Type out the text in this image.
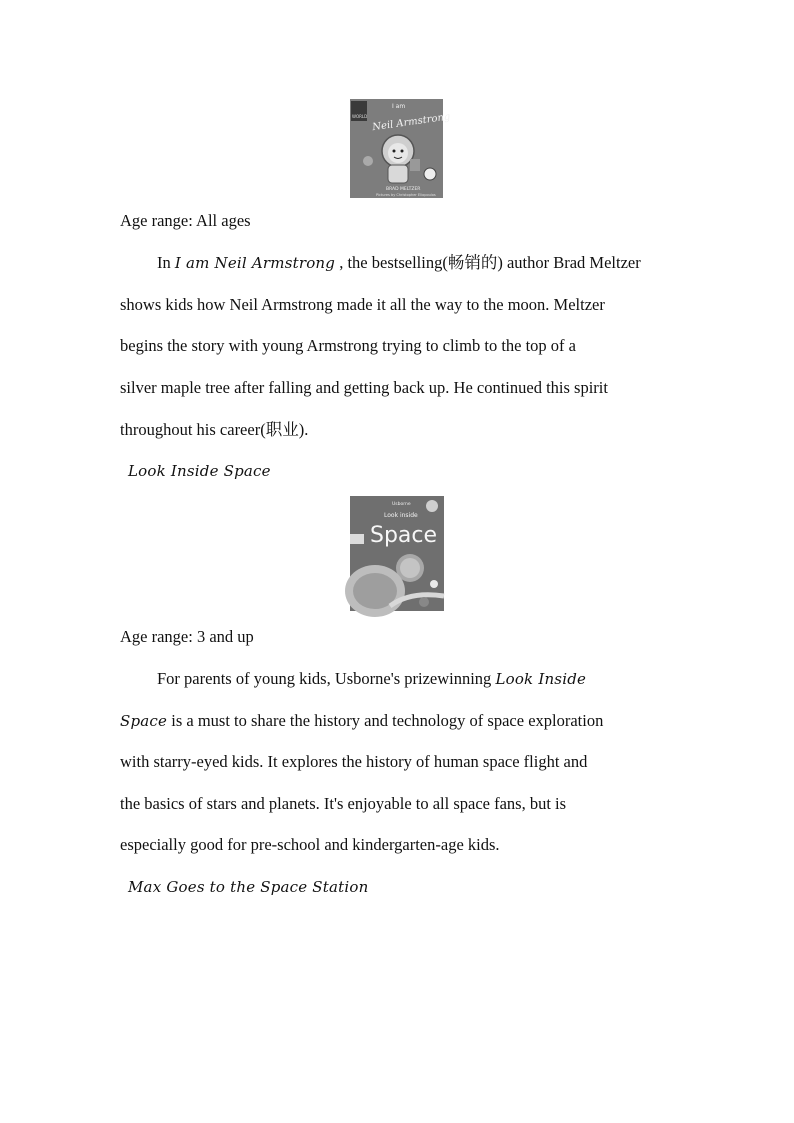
WORLD
I am
Neil Armstrong
BRAD MELTZER
Pictures by Christopher Eliopoulos
Age range: All ages
In I am Neil Armstrong , the bestselling(畅销的) author Brad Meltzer
shows kids how Neil Armstrong made it all the way to the moon. Meltzer
begins the story with young Armstrong trying to climb to the top of a
silver maple tree after falling and getting back up. He continued this spirit
throughout his career(职业).
Look Inside Space
Usborne
Look inside
Space
Age range: 3 and up
For parents of young kids, Usborne's prizewinning Look Inside
Space is a must to share the history and technology of space exploration
with starry-eyed kids. It explores the history of human space flight and
the basics of stars and planets. It's enjoyable to all space fans, but is
especially good for pre-school and kindergarten-age kids.
Max Goes to the Space Station
